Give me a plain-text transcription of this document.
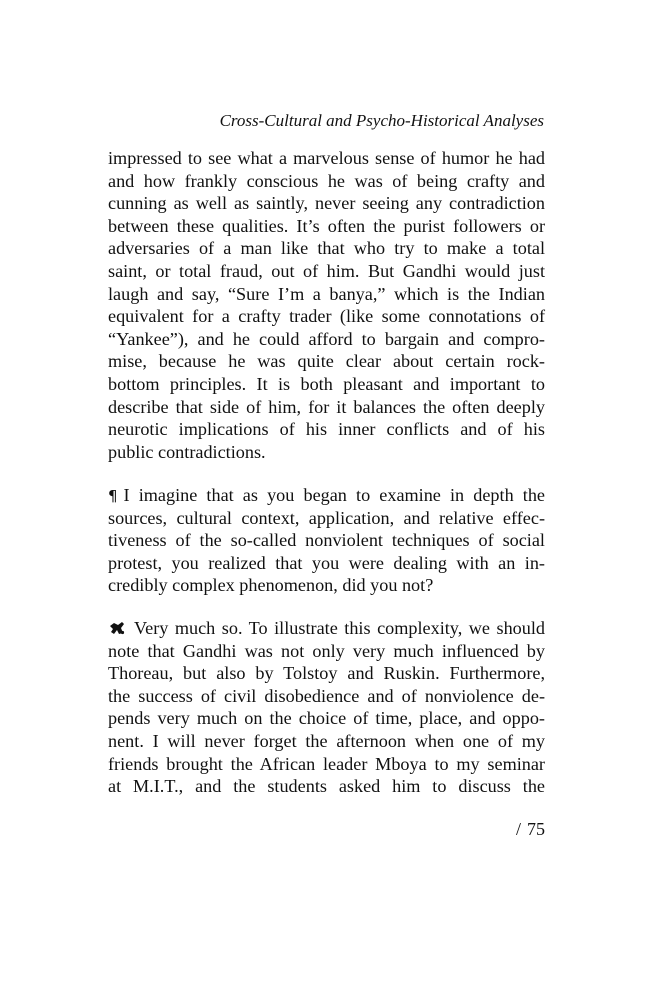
Cross-Cultural and Psycho-Historical Analyses
impressed to see what a marvelous sense of humor he had
and how frankly conscious he was of being crafty and
cunning as well as saintly, never seeing any contradiction
between these qualities. It’s often the purist followers or
adversaries of a man like that who try to make a total
saint, or total fraud, out of him. But Gandhi would just
laugh and say, “Sure I’m a banya,” which is the Indian
equivalent for a crafty trader (like some connotations of
“Yankee”), and he could afford to bargain and compro-
mise, because he was quite clear about certain rock-
bottom principles. It is both pleasant and important to
describe that side of him, for it balances the often deeply
neurotic implications of his inner conflicts and of his
public contradictions.
¶ I imagine that as you began to examine in depth the
sources, cultural context, application, and relative effec-
tiveness of the so-called nonviolent techniques of social
protest, you realized that you were dealing with an in-
credibly complex phenomenon, did you not?
Very much so. To illustrate this complexity, we should
note that Gandhi was not only very much influenced by
Thoreau, but also by Tolstoy and Ruskin. Furthermore,
the success of civil disobedience and of nonviolence de-
pends very much on the choice of time, place, and oppo-
nent. I will never forget the afternoon when one of my
friends brought the African leader Mboya to my seminar
at M.I.T., and the students asked him to discuss the
/ 75
